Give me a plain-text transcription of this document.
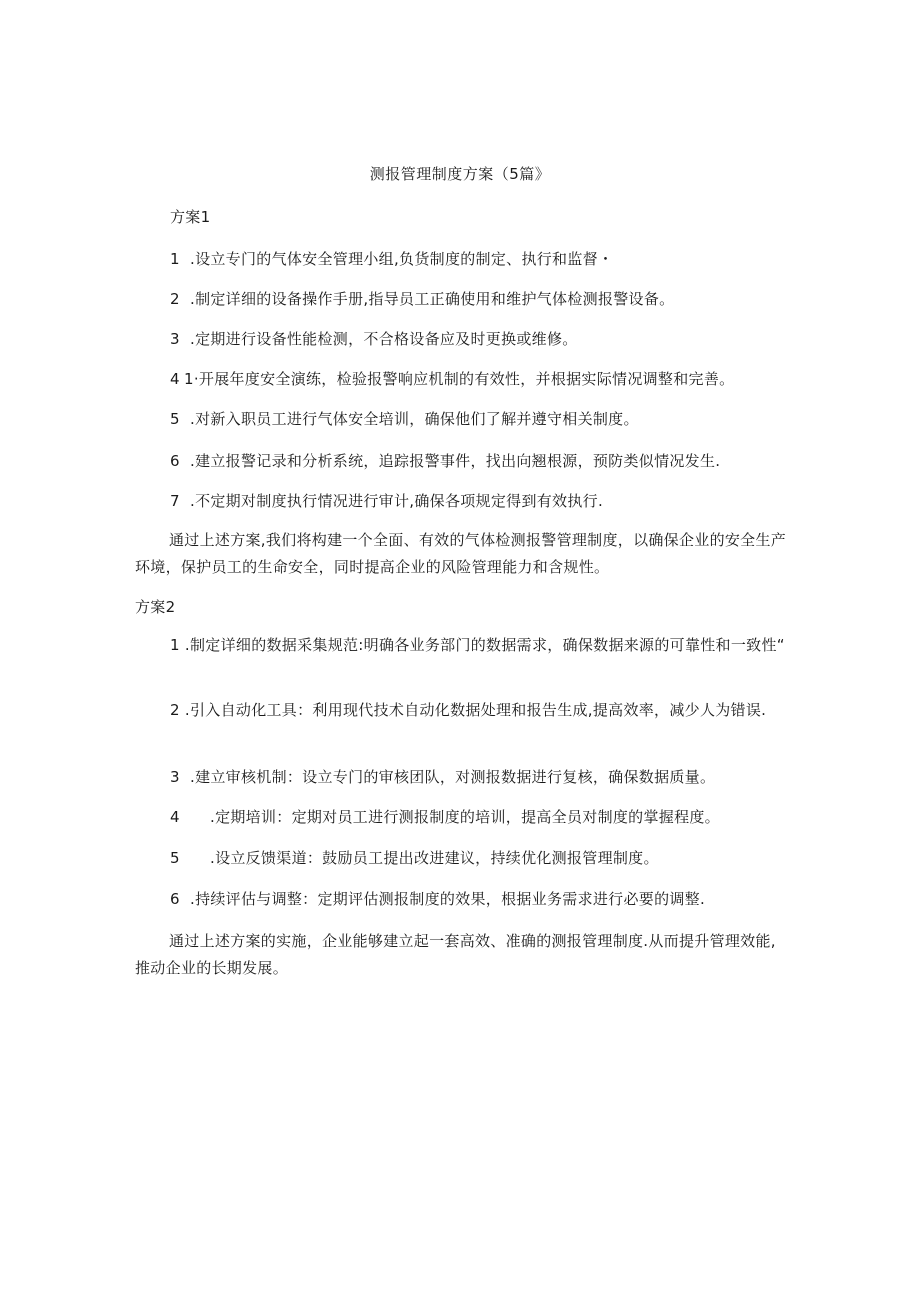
测报管理制度方案（5篇》
方案1
1 .设立专门的气体安全管理小组,负货制度的制定、执行和监督・
2 .制定详细的设备操作手册,指导员工正确使用和维护气体检测报警设备。
3 .定期进行设备性能检测，不合格设备应及时更换或维修。
4 1·开展年度安全演练，检验报警响应机制的有效性，并根据实际情况调整和完善。
5 .对新入职员工进行气体安全培训，确保他们了解并遵守相关制度。
6 .建立报警记录和分析系统，追踪报警事件，找出向翘根源，预防类似情况发生.
7 .不定期对制度执行情况进行审计,确保各项规定得到有效执行.
通过上述方案,我们将构建一个全面、有效的气体检测报警管理制度，以确保企业的安全生产环境，保护员工的生命安全，同时提高企业的风险管理能力和含规性。
方案2
1 .制定详细的数据采集规范:明确各业务部门的数据需求，确保数据来源的可靠性和一致性“
2 .引入自动化工具：利用现代技术自动化数据处理和报告生成,提高效率，减少人为错误.
3 .建立审核机制：设立专门的审核团队，对测报数据进行复核，确保数据质量。
4 .定期培训：定期对员工进行测报制度的培训，提高全员对制度的掌握程度。
5 .设立反馈渠道：鼓励员工提出改进建议，持续优化测报管理制度。
6 .持续评估与调整：定期评估测报制度的效果，根据业务需求进行必要的调整.
通过上述方案的实施，企业能够建立起一套高效、准确的测报管理制度.从而提升管理效能,推动企业的长期发展。
